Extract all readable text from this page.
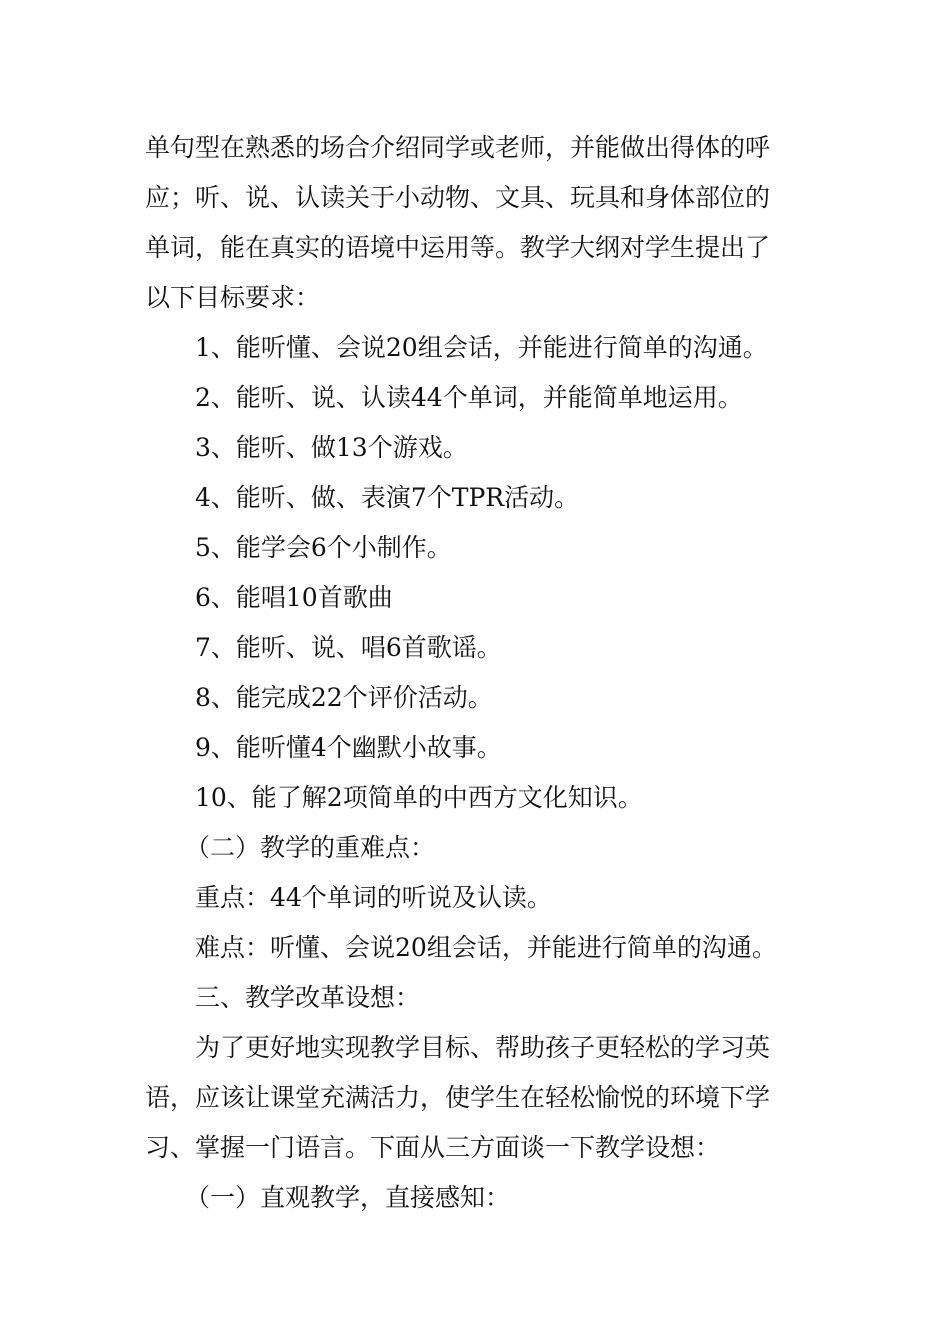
单句型在熟悉的场合介绍同学或老师，并能做出得体的呼
应；听、说、认读关于小动物、文具、玩具和身体部位的
单词，能在真实的语境中运用等。教学大纲对学生提出了
以下目标要求：
1、能听懂、会说20组会话，并能进行简单的沟通。
2、能听、说、认读44个单词，并能简单地运用。
3、能听、做13个游戏。
4、能听、做、表演7个TPR活动。
5、能学会6个小制作。
6、能唱10首歌曲
7、能听、说、唱6首歌谣。
8、能完成22个评价活动。
9、能听懂4个幽默小故事。
10、能了解2项简单的中西方文化知识。
（二）教学的重难点：
重点：44个单词的听说及认读。
难点：听懂、会说20组会话，并能进行简单的沟通。
三、教学改革设想：
为了更好地实现教学目标、帮助孩子更轻松的学习英
语，应该让课堂充满活力，使学生在轻松愉悦的环境下学
习、掌握一门语言。下面从三方面谈一下教学设想：
（一）直观教学，直接感知：
